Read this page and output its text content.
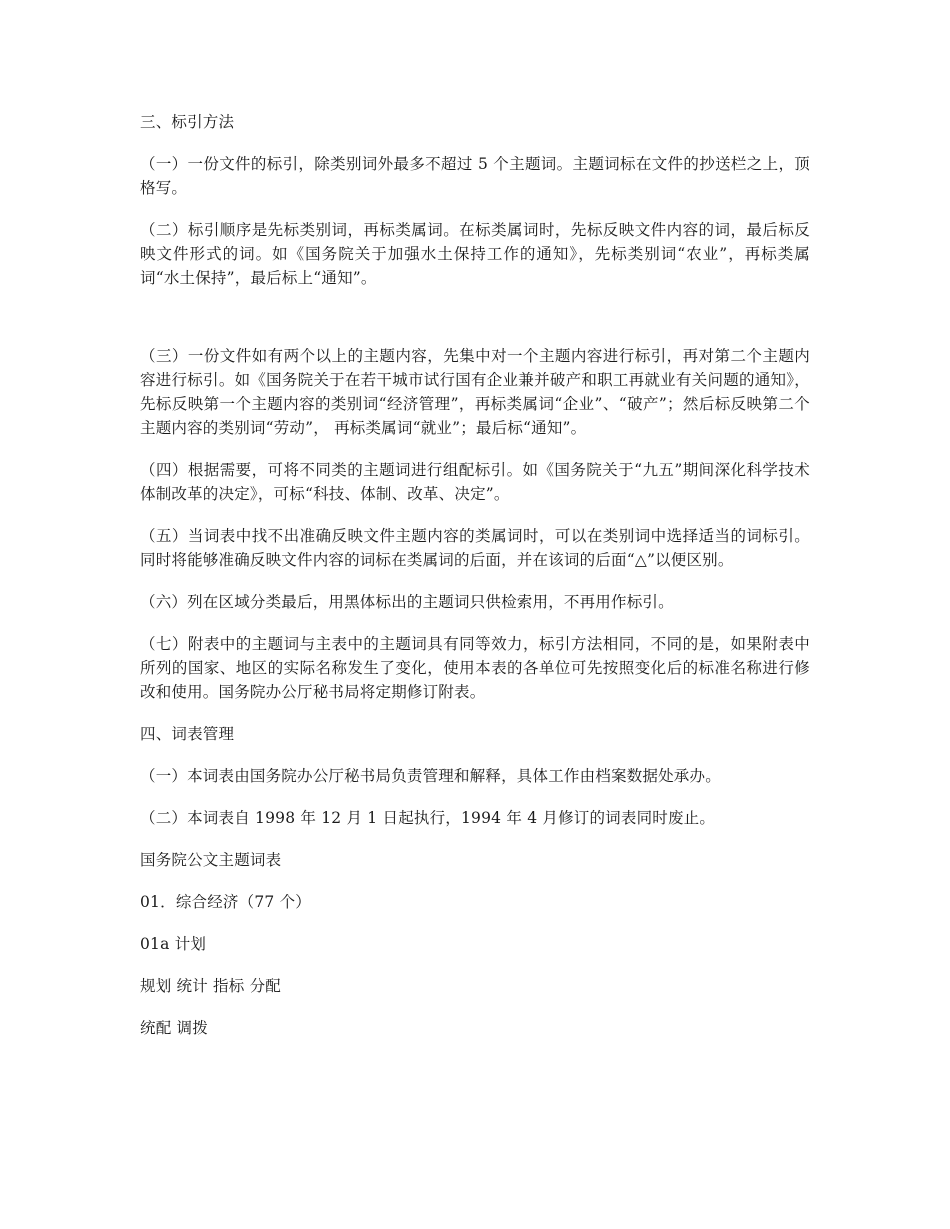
三、标引方法

（一）一份文件的标引，除类别词外最多不超过 5 个主题词。主题词标在文件的抄送栏之上，顶格写。

（二）标引顺序是先标类别词，再标类属词。在标类属词时，先标反映文件内容的词，最后标反映文件形式的词。如《国务院关于加强水土保持工作的通知》，先标类别词“农业”，再标类属词“水土保持”，最后标上“通知”。

（三）一份文件如有两个以上的主题内容，先集中对一个主题内容进行标引，再对第二个主题内容进行标引。如《国务院关于在若干城市试行国有企业兼并破产和职工再就业有关问题的通知》，先标反映第一个主题内容的类别词“经济管理”，再标类属词“企业”、“破产”；然后标反映第二个主题内容的类别词“劳动”， 再标类属词“就业”；最后标“通知”。

（四）根据需要，可将不同类的主题词进行组配标引。如《国务院关于“九五”期间深化科学技术体制改革的决定》，可标“科技、体制、改革、决定”。

（五）当词表中找不出准确反映文件主题内容的类属词时，可以在类别词中选择适当的词标引。同时将能够准确反映文件内容的词标在类属词的后面，并在该词的后面“△”以便区别。

（六）列在区域分类最后，用黑体标出的主题词只供检索用，不再用作标引。

（七）附表中的主题词与主表中的主题词具有同等效力，标引方法相同，不同的是，如果附表中所列的国家、地区的实际名称发生了变化，使用本表的各单位可先按照变化后的标准名称进行修改和使用。国务院办公厅秘书局将定期修订附表。

四、词表管理

（一）本词表由国务院办公厅秘书局负责管理和解释，具体工作由档案数据处承办。

（二）本词表自 1998 年 12 月 1 日起执行，1994 年 4 月修订的词表同时废止。

国务院公文主题词表

01．综合经济（77 个）

01a 计划

规划 统计 指标 分配

统配 调拨
